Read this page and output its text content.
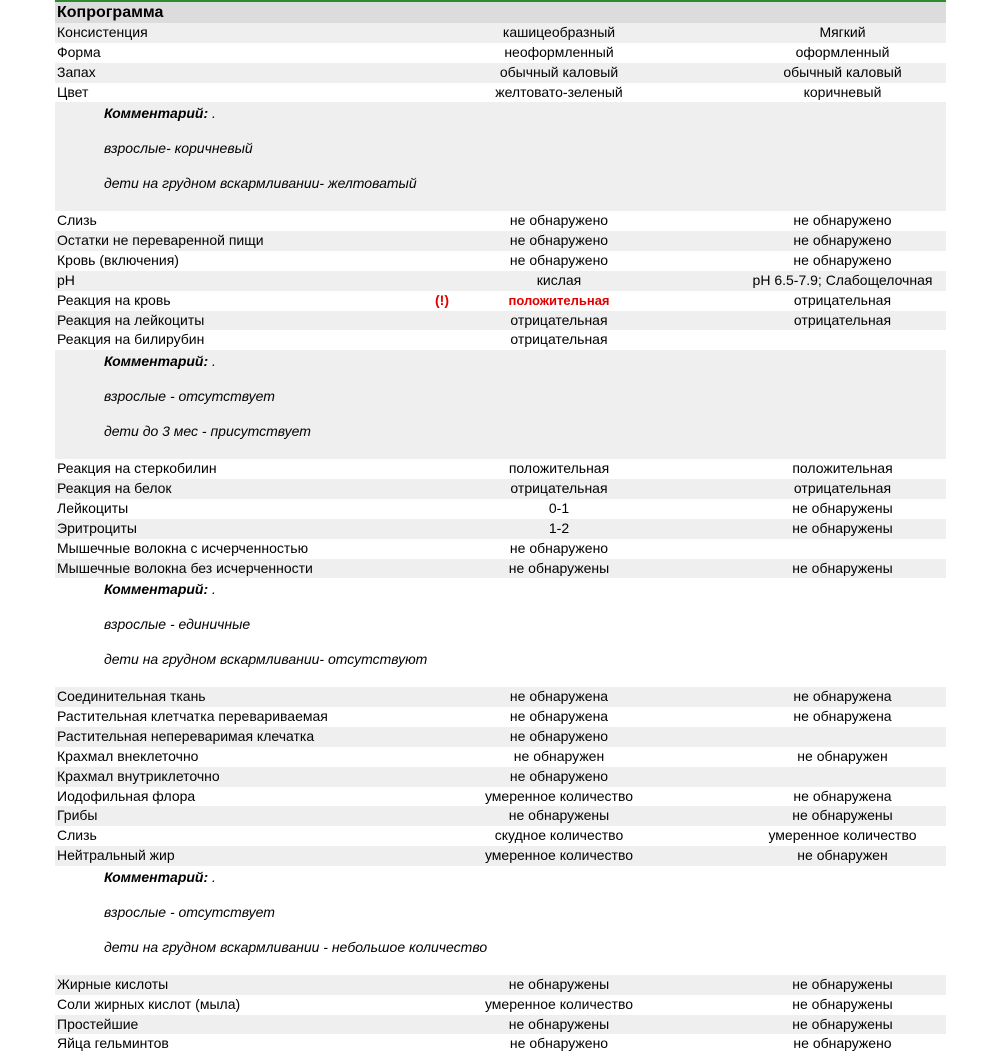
Копрограмма
Консистенция	кашицеобразный	Мягкий
Форма	неоформленный	оформленный
Запах	обычный каловый	обычный каловый
Цвет	желтовато-зеленый	коричневый
Комментарий: .
взрослые- коричневый
дети на грудном вскармливании- желтоватый
Слизь	не обнаружено	не обнаружено
Остатки не переваренной пищи	не обнаружено	не обнаружено
Кровь (включения)	не обнаружено	не обнаружено
pH	кислая	pH 6.5-7.9; Слабощелочная
Реакция на кровь	(!)	положительная	отрицательная
Реакция на лейкоциты	отрицательная	отрицательная
Реакция на билирубин	отрицательная
Комментарий: .
взрослые - отсутствует
дети до 3 мес - присутствует
Реакция на стеркобилин	положительная	положительная
Реакция на белок	отрицательная	отрицательная
Лейкоциты	0-1	не обнаружены
Эритроциты	1-2	не обнаружены
Мышечные волокна с исчерченностью	не обнаружено
Мышечные волокна без исчерченности	не обнаружены	не обнаружены
Комментарий: .
взрослые - единичные
дети на грудном вскармливании- отсутствуют
Соединительная ткань	не обнаружена	не обнаружена
Растительная клетчатка перевариваемая	не обнаружена	не обнаружена
Растительная непереваримая клечатка	не обнаружено
Крахмал внеклеточно	не обнаружен	не обнаружен
Крахмал внутриклеточно	не обнаружено
Иодофильная флора	умеренное количество	не обнаружена
Грибы	не обнаружены	не обнаружены
Слизь	скудное количество	умеренное количество
Нейтральный жир	умеренное количество	не обнаружен
Комментарий: .
взрослые - отсутствует
дети на грудном вскармливании - небольшое количество
Жирные кислоты	не обнаружены	не обнаружены
Соли жирных кислот (мыла)	умеренное количество	не обнаружены
Простейшие	не обнаружены	не обнаружены
Яйца гельминтов	не обнаружено	не обнаружено
